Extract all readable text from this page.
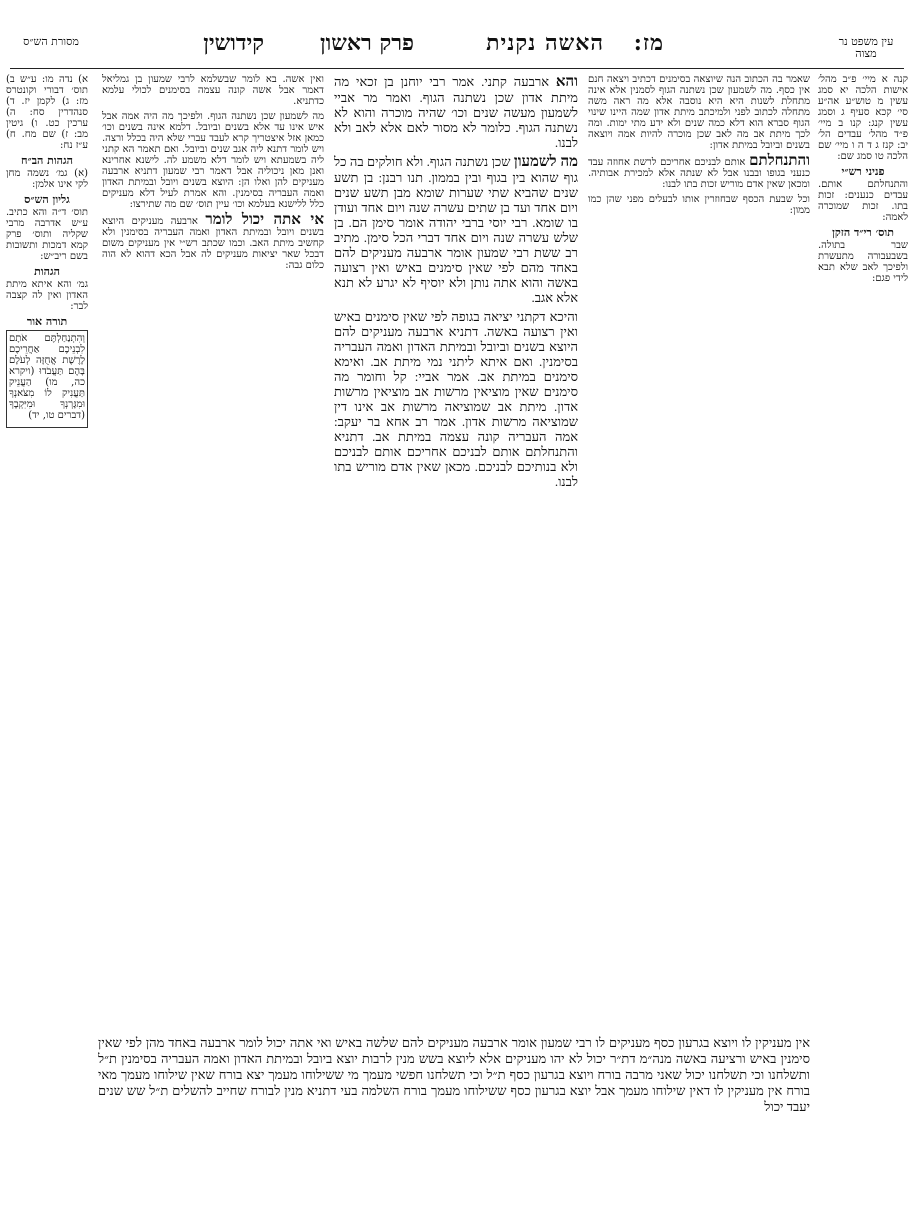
עין משפט נר מצוה
מז:
האשה נקנית
פרק ראשון
קידושין
מסורת הש״ס

קנה א מיי׳ פ״ב מהל׳ אישות הלכה יא סמג עשין מ טוש״ע אה״ע סי׳ קכא סעיף ג וסמג עשין קנג: קנו ב מיי׳ פ״ד מהל׳ עבדים הל׳ יב: קנז ג ד ה ו מיי׳ שם הלכה טו סמג שם:

פניני רש״י

והתנחלתם אותם. עבדים כנענים: זכות בתו. זכות שמוכרה לאמה:

תוס׳ רי״ד הזקן

שבר בתולה. בשבעבורה מתעשרת ולפיכך לאב שלא תבא לידי פגם:

שאמר בה הכתוב הנה שיוצאה בסימנים דכתיב ויצאה חנם אין כסף. מה לשמעון שכן נשתנה הגוף לסמנין אלא אינה מתחלת לשנות היא היא נוסבה אלא מה ראה משה מתחלה לכתוב לפני ולמיכתב מיתת אדון שמה היינו שינוי הגוף סברא הוא דלא כמה שנים ולא ידע מתי ימות. ומה לכך מיתת אב מה לאב שכן מוכרה להיות אמה ויוצאה בשנים וביובל במיתת אדון:

והתנחלתם אותם לבניכם אחריכם לרשת אחוזה עבד כנעני בגופו ובבנו אבל לא שנתה אלא למכירת אבותיה. ומכאן שאין אדם מוריש זכות בתו לבנו:

וכל שבעת הכסף שבחוזרין אותו לבעלים מפני שהן כמו ממון:

והא ארבעה קתני. אמר רבי יוחנן בן זכאי מה מיתת אדון שכן נשתנה הגוף. ואמר מר אביי לשמעון מעשה שנים וכו׳ שהיה מוכרה והוא לא נשתנה הגוף. כלומר לא מסור לאם אלא לאב ולא לבנו.

מה לשמעון שכן נשתנה הגוף. ולא חולקים בה כל גוף שהוא בין בגוף ובין בממון. תנו רבנן: בן תשע שנים שהביא שתי שערות שומא מבן תשע שנים ויום אחד ועד בן שתים עשרה שנה ויום אחד ועודן בו שומא. רבי יוסי ברבי יהודה אומר סימן הם. בן שלש עשרה שנה ויום אחד דברי הכל סימן. מתיב רב ששת רבי שמעון אומר ארבעה מעניקים להם באחד מהם לפי שאין סימנים באיש ואין רצועה באשה והוא אתה נותן ולא יוסיף לא יגרע לא תנא אלא אגב.

והיכא דקתני יציאה בגופה לפי שאין סימנים באיש ואין רצועה באשה. דתניא ארבעה מעניקים להם היוצא בשנים וביובל ובמיתת האדון ואמה העבריה בסימנין. ואם איתא ליתני נמי מיתת אב. ואימא סימנים במיתת אב. אמר אביי: קל וחומר מה סימנים שאין מוציאין מרשות אב מוציאין מרשות אדון. מיתת אב שמוציאה מרשות אב אינו דין שמוציאה מרשות אדון. אמר רב אחא בר יעקב: אמה העבריה קונה עצמה במיתת אב. דתניא והתנחלתם אותם לבניכם אחריכם אותם לבניכם ולא בנותיכם לבניכם. מכאן שאין אדם מוריש בתו לבנו.

ואין אשה. בא לומר שבשלמא לרבי שמעון בן גמליאל דאמר אבל אשה קונה עצמה בסימנים לכולי עלמא כדתניא.

מה לשמעון שכן נשתנה הגוף. ולפיכך מה היה אמה אבל איש אינו עד אלא בשנים וביובל. דלמא אינה בשנים וכו׳ כמאן אזל איצטריך קרא לעבד עברי שלא היה בכלל ורצה. ויש לומר דתנא ליה אגב שנים וביובל. ואם תאמר הא קתני ליה בשמעתא ויש לומר דלא משמע לה. לישנא אחרינא ואנן מאן ניכוליה אבל דאמר רבי שמעון דתניא ארבעה מעניקים להן ואלו הן: היוצא בשנים ויובל ובמיתת האדון ואמה העבריה בסימנין. והא אמרת לעיל דלא מעניקים כלל ללישנא בעלמא וכו׳ עיין תוס׳ שם מה שתירצו:

אי אתה יכול לומר ארבעה מעניקים היוצא בשנים ויובל ובמיתת האדון ואמה העבריה בסימנין ולא קחשיב מיתת האב. וכמו שכתב רש״י אין מעניקים משום דבכל שאר יציאות מעניקים לה אבל הכא דהוא לא הוה כלום גבה:

א) נדה מו: ע״ש ב) תוס׳ דבורי וקונטרס מז: ג) לקמן יז. ד) סנהדרין סח: ה) ערכין כט. ו) גיטין מב: ז) שם מח. ח) ע״ז נח:

הגהות הב״ח

(א) גמ׳ נשמה מחן לקי אינו אלמן:

גליון הש״ס

תוס׳ ד״ה והא כתיב. ע״ש אדרבה מרבי שקליה ותוס׳ פרק קמא דמכות ותשובות בשם ריב״ש:

הגהות

גמ׳ והא איתא מיתת האדון ואין לה קצבה לבר:

תורה אור

וְהִתְנַחַלְתֶּם אֹתָם לִבְנֵיכֶם אַחֲרֵיכֶם לָרֶשֶׁת אֲחֻזָּה לְעֹלָם בָּהֶם תַּעֲבֹדוּ (ויקרא כה, מו) הַעֲנֵיק תַּעֲנִיק לוֹ מִצֹּאנְךָ וּמִגָּרְנְךָ וּמִיִּקְבֶךָ (דברים טו, יד)

אין מעניקין לו ויוצא בגרעון כסף מעניקים לו רבי שמעון אומר ארבעה מעניקים להם שלשה באיש ואי אתה יכול לומר ארבעה באחד מהן לפי שאין סימנין באיש ורציעה באשה מנה״מ דת״ר יכול לא יהו מעניקים אלא ליוצא בשש מנין לרבות יוצא ביובל ובמיתת האדון ואמה העבריה בסימנין ת״ל ותשלחנו וכי תשלחנו יכול שאני מרבה בורח ויוצא בגרעון כסף ת״ל וכי תשלחנו חפשי מעמך מי ששילוחו מעמך יצא בורח שאין שילוחו מעמך מאי בורח אין מעניקין לו דאין שילוחו מעמך אבל יוצא בגרעון כסף ששילוחו מעמך בורח השלמה בעי דתניא מנין לבורח שחייב להשלים ת״ל שש שנים יעבד יכול
